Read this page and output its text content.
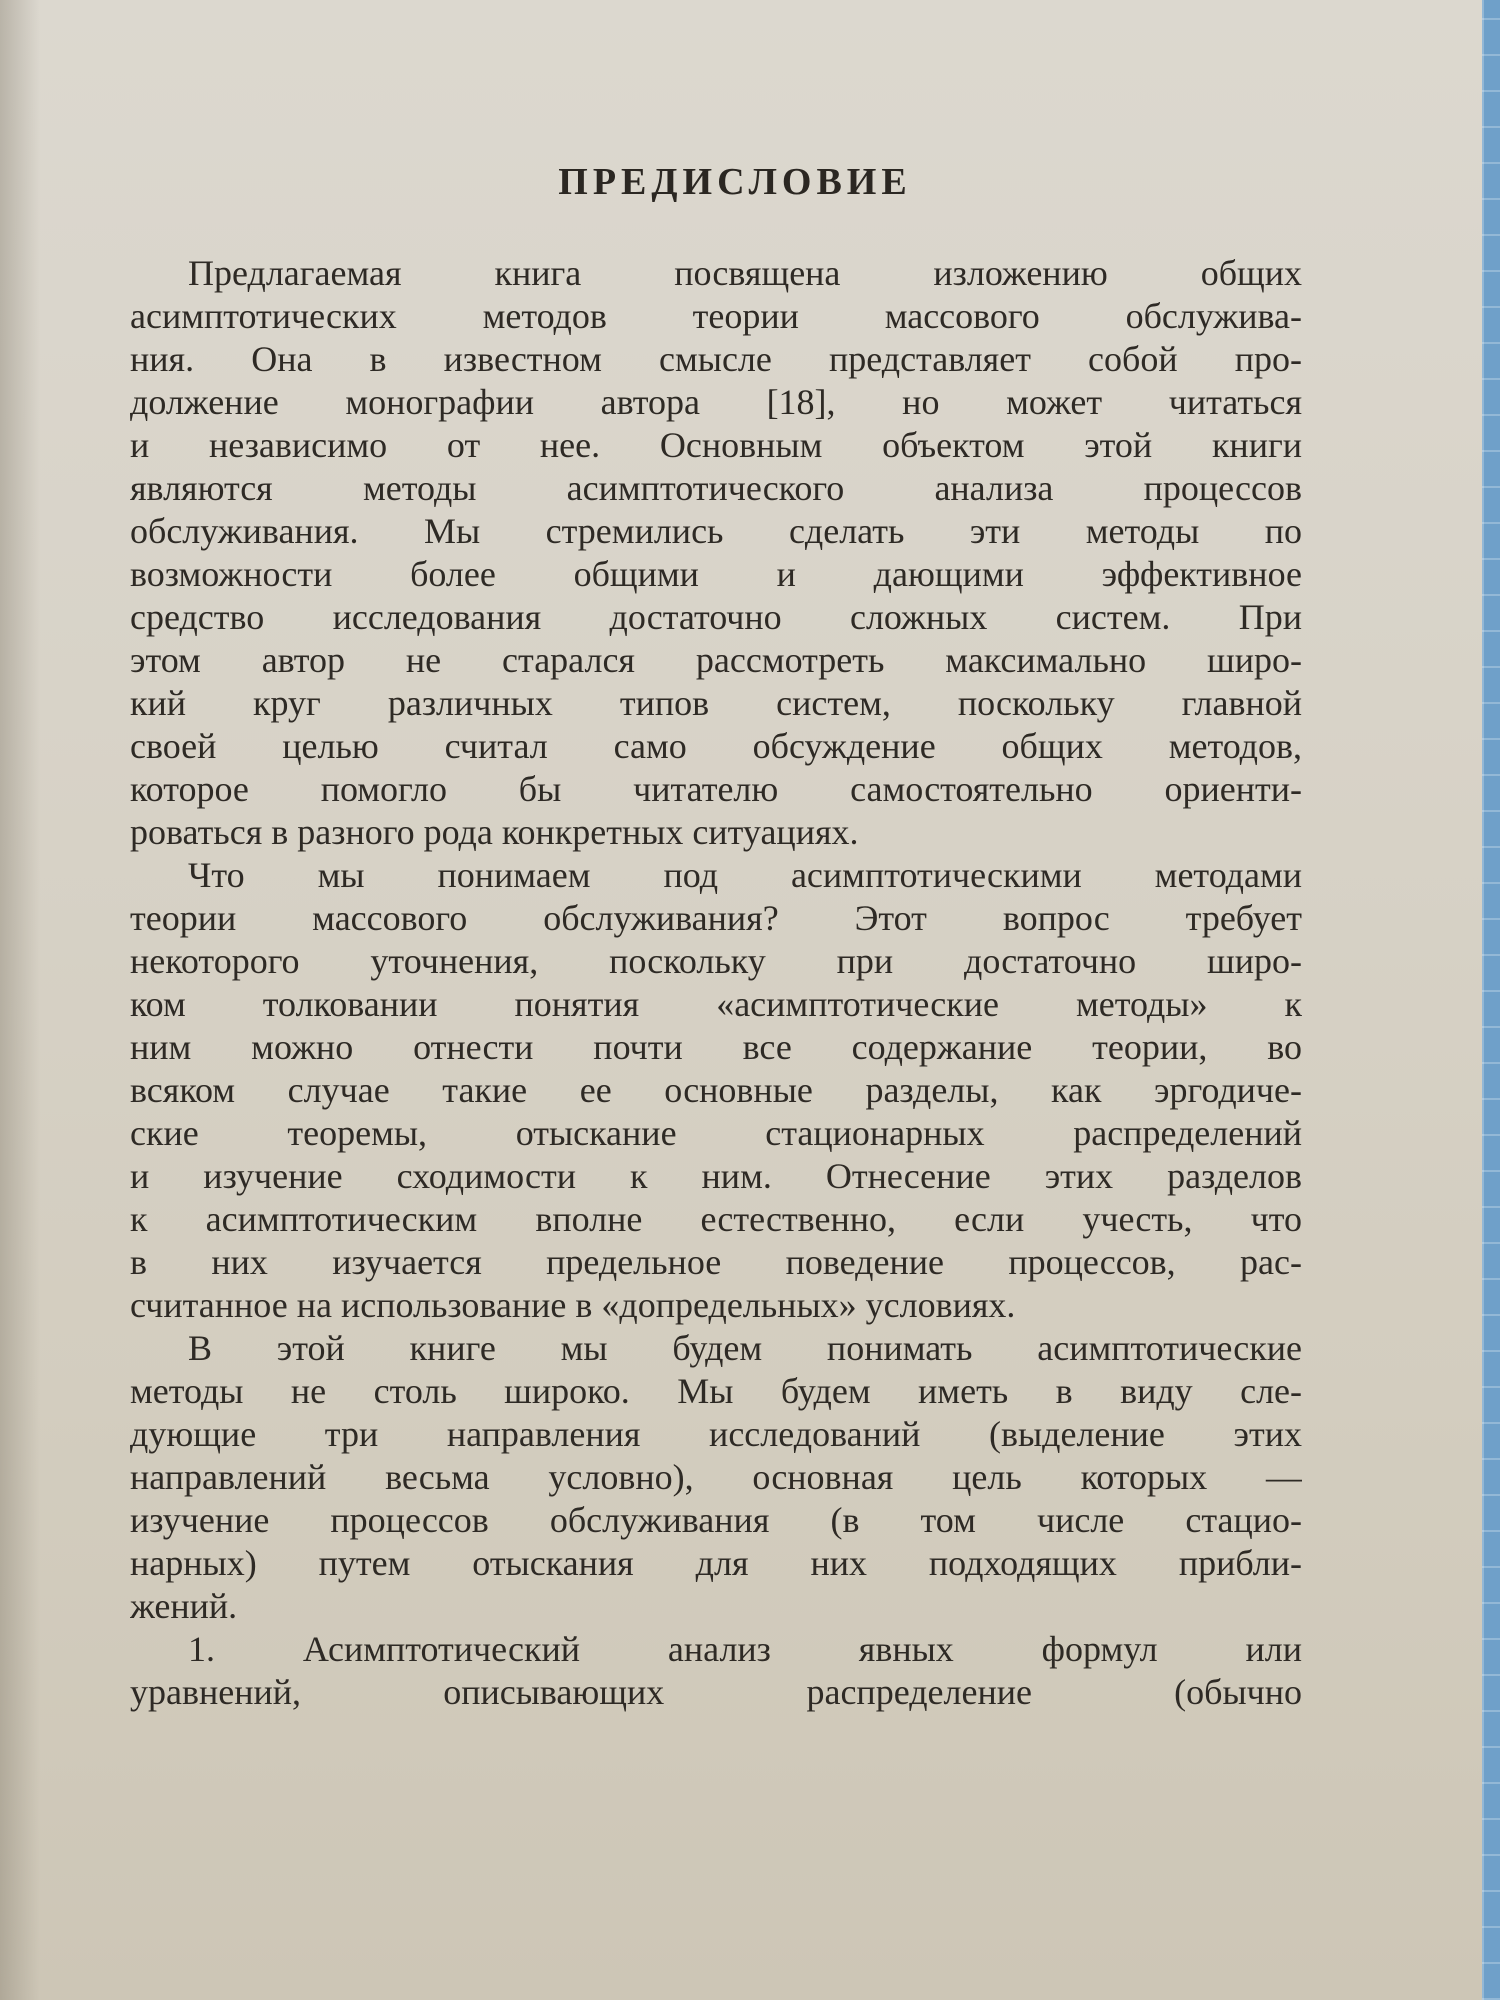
ПРЕДИСЛОВИЕ
Предлагаемая книга посвящена изложению общих
асимптотических методов теории массового обслужива-
ния. Она в известном смысле представляет собой про-
должение монографии автора [18], но может читаться
и независимо от нее. Основным объектом этой книги
являются методы асимптотического анализа процессов
обслуживания. Мы стремились сделать эти методы по
возможности более общими и дающими эффективное
средство исследования достаточно сложных систем. При
этом автор не старался рассмотреть максимально широ-
кий круг различных типов систем, поскольку главной
своей целью считал само обсуждение общих методов,
которое помогло бы читателю самостоятельно ориенти-
роваться в разного рода конкретных ситуациях.
Что мы понимаем под асимптотическими методами
теории массового обслуживания? Этот вопрос требует
некоторого уточнения, поскольку при достаточно широ-
ком толковании понятия «асимптотические методы» к
ним можно отнести почти все содержание теории, во
всяком случае такие ее основные разделы, как эргодиче-
ские теоремы, отыскание стационарных распределений
и изучение сходимости к ним. Отнесение этих разделов
к асимптотическим вполне естественно, если учесть, что
в них изучается предельное поведение процессов, рас-
считанное на использование в «допредельных» условиях.
В этой книге мы будем понимать асимптотические
методы не столь широко. Мы будем иметь в виду сле-
дующие три направления исследований (выделение этих
направлений весьма условно), основная цель которых —
изучение процессов обслуживания (в том числе стацио-
нарных) путем отыскания для них подходящих прибли-
жений.
1. Асимптотический анализ явных формул или
уравнений, описывающих распределение (обычно
